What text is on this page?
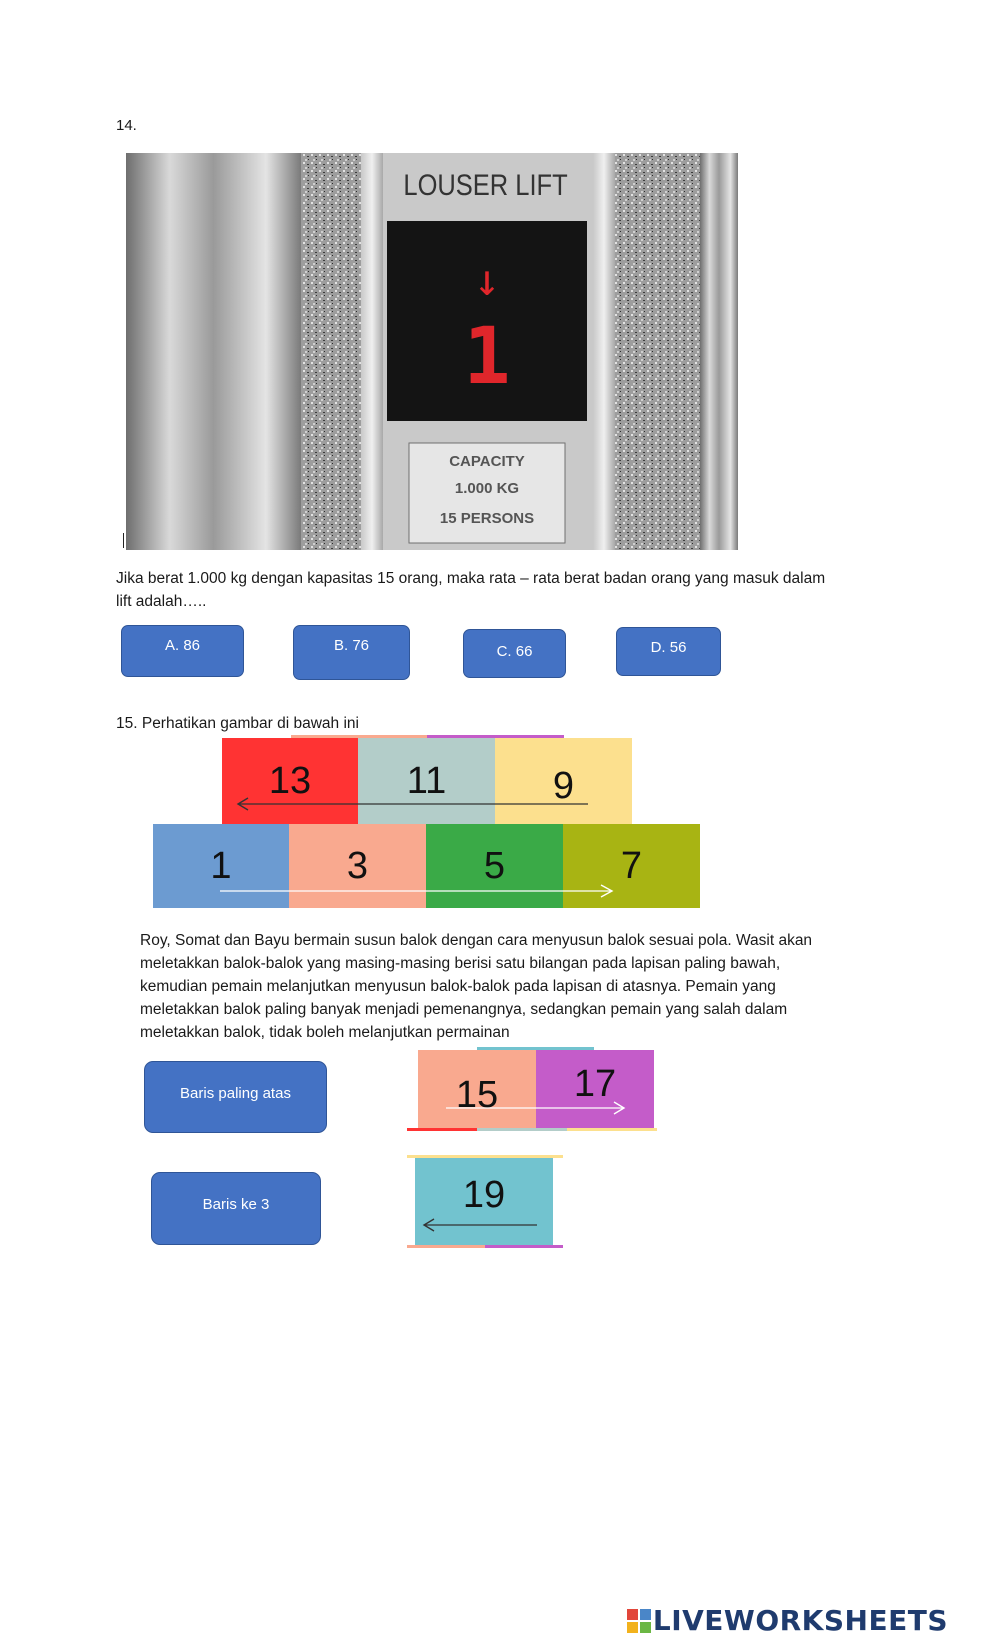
14.
LOUSER LIFT
↓
1
CAPACITY
1.000 KG
15 PERSONS
Jika berat 1.000 kg dengan kapasitas 15 orang, maka rata – rata berat badan orang yang masuk dalam
lift adalah…..
A. 86	B. 76	C. 66	D. 56
15. Perhatikan gambar di bawah ini
13	11	9
1	3	5	7
Roy, Somat dan Bayu bermain susun balok dengan cara menyusun balok sesuai pola. Wasit akan
meletakkan balok-balok yang masing-masing berisi satu bilangan pada lapisan paling bawah,
kemudian pemain melanjutkan menyusun balok-balok pada lapisan di atasnya. Pemain yang
meletakkan balok paling banyak menjadi pemenangnya, sedangkan pemain yang salah dalam
meletakkan balok, tidak boleh melanjutkan permainan
Baris paling atas
Baris ke 3
15	17
19
LIVEWORKSHEETS
